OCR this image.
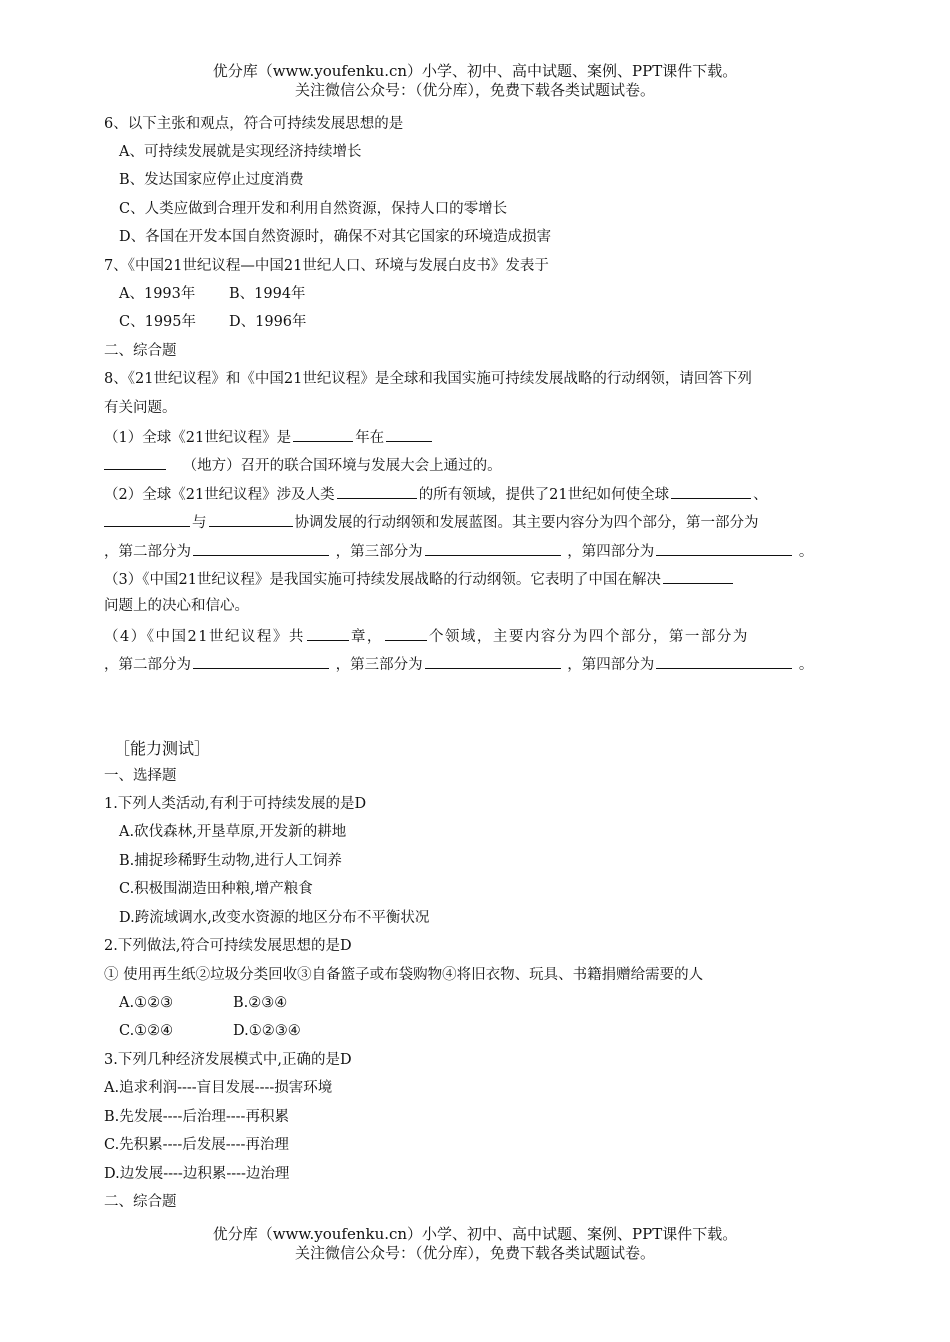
优分库（www.youfenku.cn）小学、初中、高中试题、案例、PPT课件下载。
关注微信公众号：（优分库），免费下载各类试题试卷。
6、以下主张和观点，符合可持续发展思想的是
A、可持续发展就是实现经济持续增长
B、发达国家应停止过度消费
C、人类应做到合理开发和利用自然资源，保持人口的零增长
D、各国在开发本国自然资源时，确保不对其它国家的环境造成损害
7、《中国21世纪议程—中国21世纪人口、环境与发展白皮书》发表于
A、1993年 B、1994年
C、1995年 D、1996年
二、综合题
8、《21世纪议程》和《中国21世纪议程》是全球和我国实施可持续发展战略的行动纲领，请回答下列
有关问题。
（1）全球《21世纪议程》是	年在
（地方）召开的联合国环境与发展大会上通过的。
（2）全球《21世纪议程》涉及人类	的所有领域，提供了21世纪如何使全球	、
与	协调发展的行动纲领和发展蓝图。其主要内容分为四个部分，第一部分为
，第二部分为	，第三部分为	，第四部分为	。
（3）《中国21世纪议程》是我国实施可持续发展战略的行动纲领。它表明了中国在解决
问题上的决心和信心。
（4）《中国21世纪议程》共	章，	个领域，主要内容分为四个部分，第一部分为
，第二部分为	，第三部分为	，第四部分为	。
［能力测试］
一、选择题
1.下列人类活动,有利于可持续发展的是D
A.砍伐森林,开垦草原,开发新的耕地
B.捕捉珍稀野生动物,进行人工饲养
C.积极围湖造田种粮,增产粮食
D.跨流域调水,改变水资源的地区分布不平衡状况
2.下列做法,符合可持续发展思想的是D
① 使用再生纸②垃圾分类回收③自备篮子或布袋购物④将旧衣物、玩具、书籍捐赠给需要的人
A.①②③	B.②③④
C.①②④	D.①②③④
3.下列几种经济发展模式中,正确的是D
A.追求利润----盲目发展----损害环境
B.先发展----后治理----再积累
C.先积累----后发展----再治理
D.边发展----边积累----边治理
二、综合题
优分库（www.youfenku.cn）小学、初中、高中试题、案例、PPT课件下载。
关注微信公众号：（优分库），免费下载各类试题试卷。
